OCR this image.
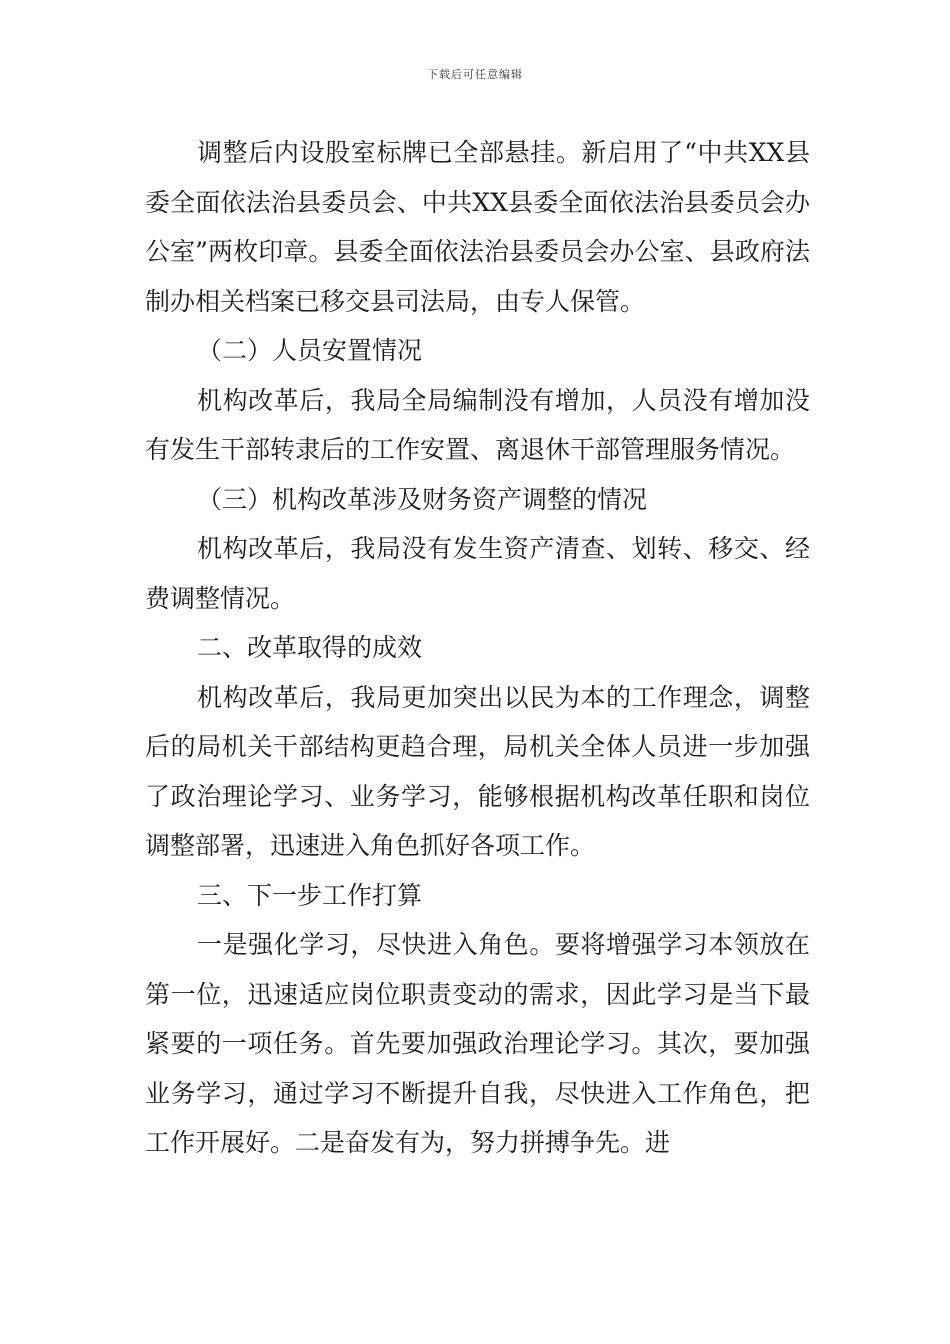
下载后可任意编辑

调整后内设股室标牌已全部悬挂。新启用了“中共XX县委全面依法治县委员会、中共XX县委全面依法治县委员会办公室”两枚印章。县委全面依法治县委员会办公室、县政府法制办相关档案已移交县司法局，由专人保管。

（二）人员安置情况

机构改革后，我局全局编制没有增加，人员没有增加没有发生干部转隶后的工作安置、离退休干部管理服务情况。

（三）机构改革涉及财务资产调整的情况

机构改革后，我局没有发生资产清查、划转、移交、经费调整情况。

二、改革取得的成效

机构改革后，我局更加突出以民为本的工作理念，调整后的局机关干部结构更趋合理，局机关全体人员进一步加强了政治理论学习、业务学习，能够根据机构改革任职和岗位调整部署，迅速进入角色抓好各项工作。

三、下一步工作打算

一是强化学习，尽快进入角色。要将增强学习本领放在第一位，迅速适应岗位职责变动的需求，因此学习是当下最紧要的一项任务。首先要加强政治理论学习。其次，要加强业务学习，通过学习不断提升自我，尽快进入工作角色，把工作开展好。二是奋发有为，努力拼搏争先。进
